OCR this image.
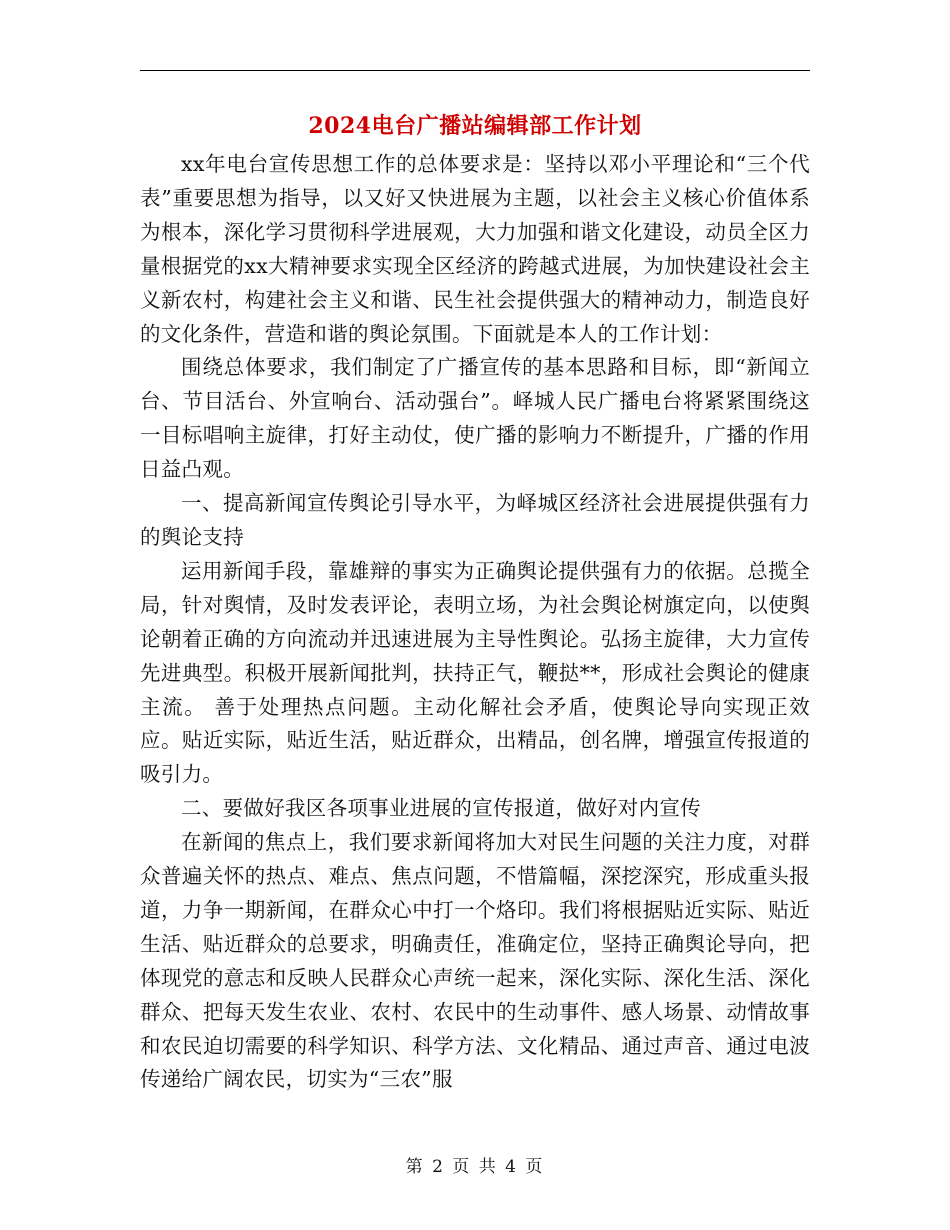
2024电台广播站编辑部工作计划

xx年电台宣传思想工作的总体要求是：坚持以邓小平理论和“三个代表”重要思想为指导，以又好又快进展为主题，以社会主义核心价值体系为根本，深化学习贯彻科学进展观，大力加强和谐文化建设，动员全区力量根据党的xx大精神要求实现全区经济的跨越式进展，为加快建设社会主义新农村，构建社会主义和谐、民生社会提供强大的精神动力，制造良好的文化条件，营造和谐的舆论氛围。下面就是本人的工作计划：

围绕总体要求，我们制定了广播宣传的基本思路和目标，即“新闻立台、节目活台、外宣响台、活动强台”。峄城人民广播电台将紧紧围绕这一目标唱响主旋律，打好主动仗，使广播的影响力不断提升，广播的作用日益凸观。

一、提高新闻宣传舆论引导水平，为峄城区经济社会进展提供强有力的舆论支持

运用新闻手段，靠雄辩的事实为正确舆论提供强有力的依据。总揽全局，针对舆情，及时发表评论，表明立场，为社会舆论树旗定向，以使舆论朝着正确的方向流动并迅速进展为主导性舆论。弘扬主旋律，大力宣传先进典型。积极开展新闻批判，扶持正气，鞭挞**，形成社会舆论的健康主流。 善于处理热点问题。主动化解社会矛盾，使舆论导向实现正效应。贴近实际，贴近生活，贴近群众，出精品，创名牌，增强宣传报道的吸引力。

二、要做好我区各项事业进展的宣传报道，做好对内宣传

在新闻的焦点上，我们要求新闻将加大对民生问题的关注力度，对群众普遍关怀的热点、难点、焦点问题，不惜篇幅，深挖深究，形成重头报道，力争一期新闻，在群众心中打一个烙印。我们将根据贴近实际、贴近生活、贴近群众的总要求，明确责任，准确定位，坚持正确舆论导向，把体现党的意志和反映人民群众心声统一起来，深化实际、深化生活、深化群众、把每天发生农业、农村、农民中的生动事件、感人场景、动情故事和农民迫切需要的科学知识、科学方法、文化精品、通过声音、通过电波传递给广阔农民，切实为“三农”服

第 2 页 共 4 页
